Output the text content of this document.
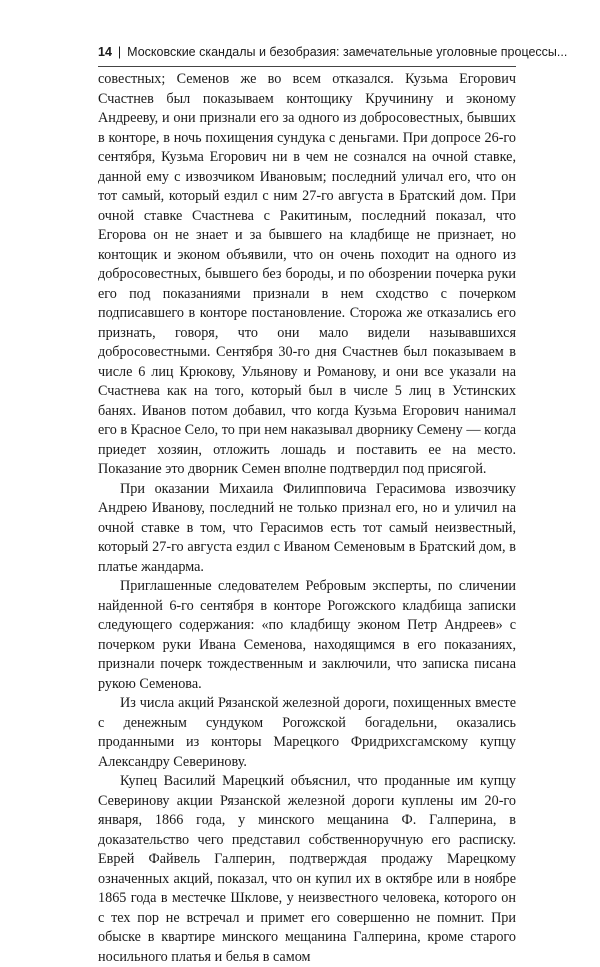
14 | Московские скандалы и безобразия: замечательные уголовные процессы...

совестных; Семенов же во всем отказался. Кузьма Егорович Счастнев был показываем контощику Кручинину и эконому Андрееву, и они признали его за одного из добросовестных, бывших в конторе, в ночь похищения сундука с деньгами. При допросе 26-го сентября, Кузьма Егорович ни в чем не сознался на очной ставке, данной ему с извозчиком Ивановым; последний уличал его, что он тот самый, который ездил с ним 27-го августа в Братский дом. При очной ставке Счастнева с Ракитиным, последний показал, что Егорова он не знает и за бывшего на кладбище не признает, но контощик и эконом объявили, что он очень походит на одного из добросовестных, бывшего без бороды, и по обозрении почерка руки его под показаниями признали в нем сходство с почерком подписавшего в конторе постановление. Сторожа же отказались его признать, говоря, что они мало видели называвшихся добросовестными. Сентября 30-го дня Счастнев был показываем в числе 6 лиц Крюкову, Ульянову и Романову, и они все указали на Счастнева как на того, который был в числе 5 лиц в Устинских банях. Иванов потом добавил, что когда Кузьма Егорович нанимал его в Красное Село, то при нем наказывал дворнику Семену — когда приедет хозяин, отложить лошадь и поставить ее на место. Показание это дворник Семен вполне подтвердил под присягой.

При оказании Михаила Филипповича Герасимова извозчику Андрею Иванову, последний не только признал его, но и уличил на очной ставке в том, что Герасимов есть тот самый неизвестный, который 27-го августа ездил с Иваном Семеновым в Братский дом, в платье жандарма.

Приглашенные следователем Ребровым эксперты, по сличении найденной 6-го сентября в конторе Рогожского кладбища записки следующего содержания: «по кладбищу эконом Петр Андреев» с почерком руки Ивана Семенова, находящимся в его показаниях, признали почерк тождественным и заключили, что записка писана рукою Семенова.

Из числа акций Рязанской железной дороги, похищенных вместе с денежным сундуком Рогожской богадельни, оказались проданными из конторы Марецкого Фридрихсгамскому купцу Александру Северинову.

Купец Василий Марецкий объяснил, что проданные им купцу Северинову акции Рязанской железной дороги куплены им 20-го января, 1866 года, у минского мещанина Ф. Галперина, в доказательство чего представил собственноручную его расписку. Еврей Файвель Галперин, подтверждая продажу Марецкому означенных акций, показал, что он купил их в октябре или в ноябре 1865 года в местечке Шклове, у неизвестного человека, которого он с тех пор не встречал и примет его совершенно не помнит. При обыске в квартире минского мещанина Галперина, кроме старого носильного платья и белья в самом
